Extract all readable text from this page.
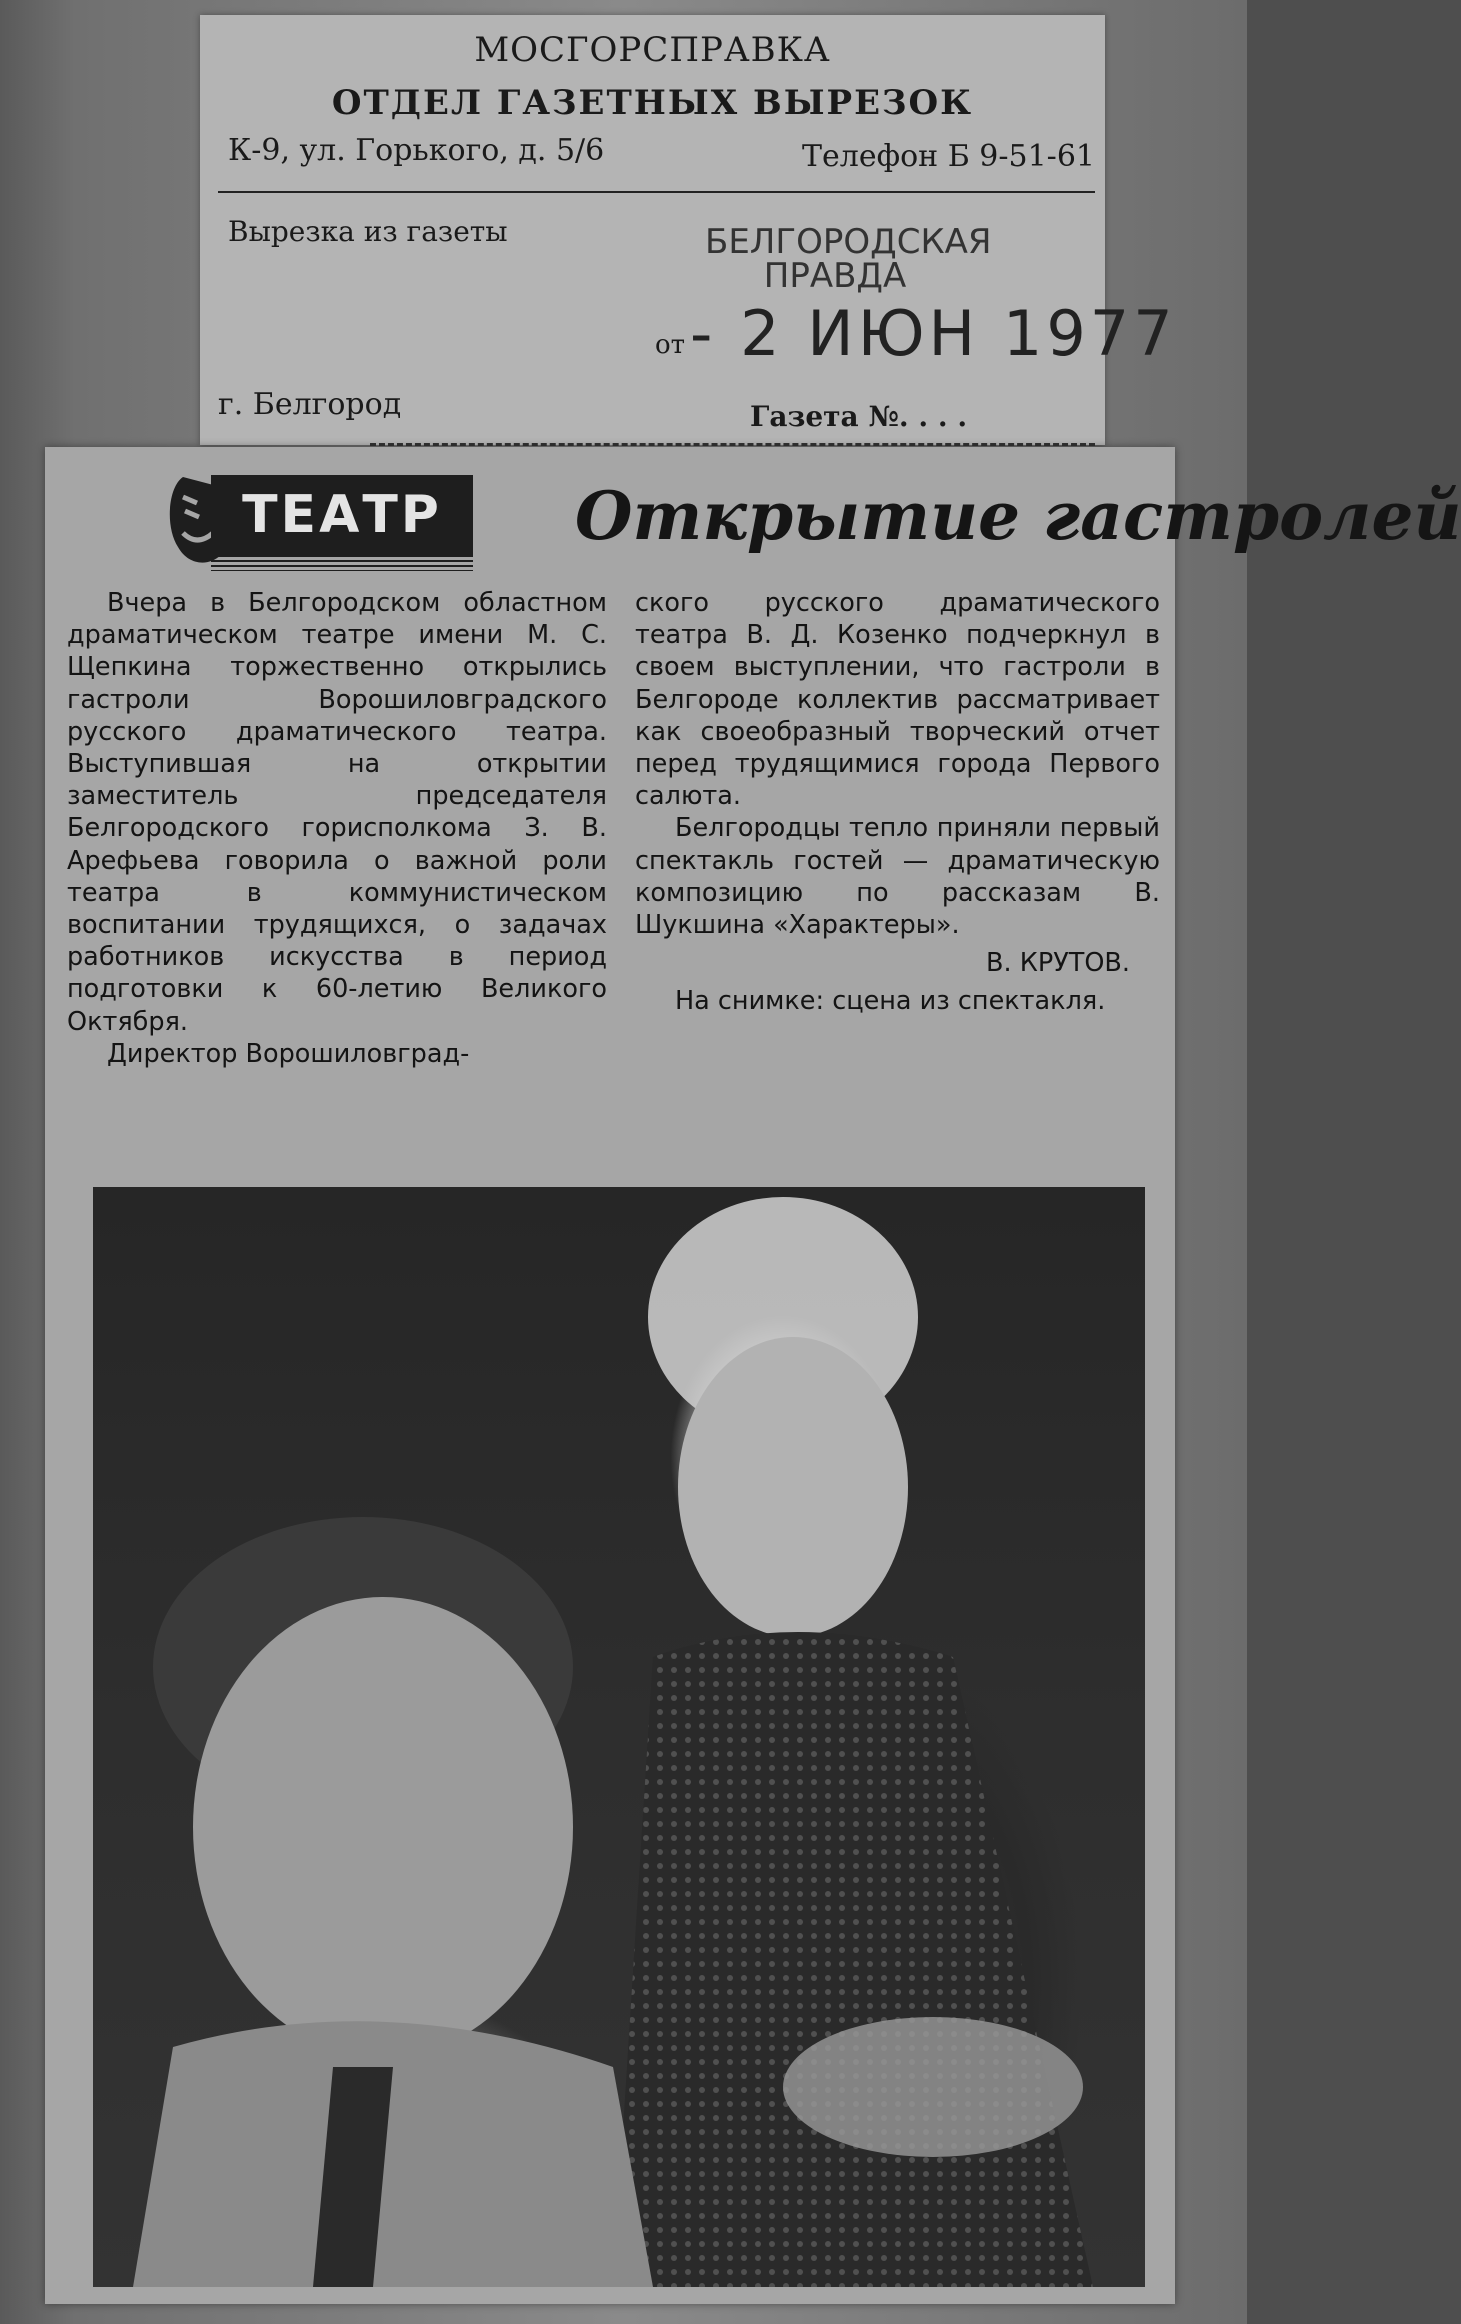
МОСГОРСПРАВКА
ОТДЕЛ ГАЗЕТНЫХ ВЫРЕЗОК
К-9, ул. Горького, д. 5/6	Телефон Б 9-51-61
Вырезка из газеты	БЕЛГОРОДСКАЯ ПРАВДА
от - 2 ИЮН 1977
г. Белгород	Газета №. . . .
ТЕАТР	Открытие гастролей

Вчера в Белгородском областном драматическом театре имени М. С. Щепкина торжественно открылись гастроли Ворошиловградского русского драматического театра. Выступившая на открытии заместитель председателя Белгородского горисполкома З. В. Арефьева говорила о важной роли театра в коммунистическом воспитании трудящихся, о задачах работников искусства в период подготовки к 60-летию Великого Октября.

Директор Ворошиловград-

ского русского драматического театра В. Д. Козенко подчеркнул в своем выступлении, что гастроли в Белгороде коллектив рассматривает как своеобразный творческий отчет перед трудящимися города Первого салюта.

Белгородцы тепло приняли первый спектакль гостей — драматическую композицию по рассказам В. Шукшина «Характеры».

В. КРУТОВ.

На снимке: сцена из спектакля.
